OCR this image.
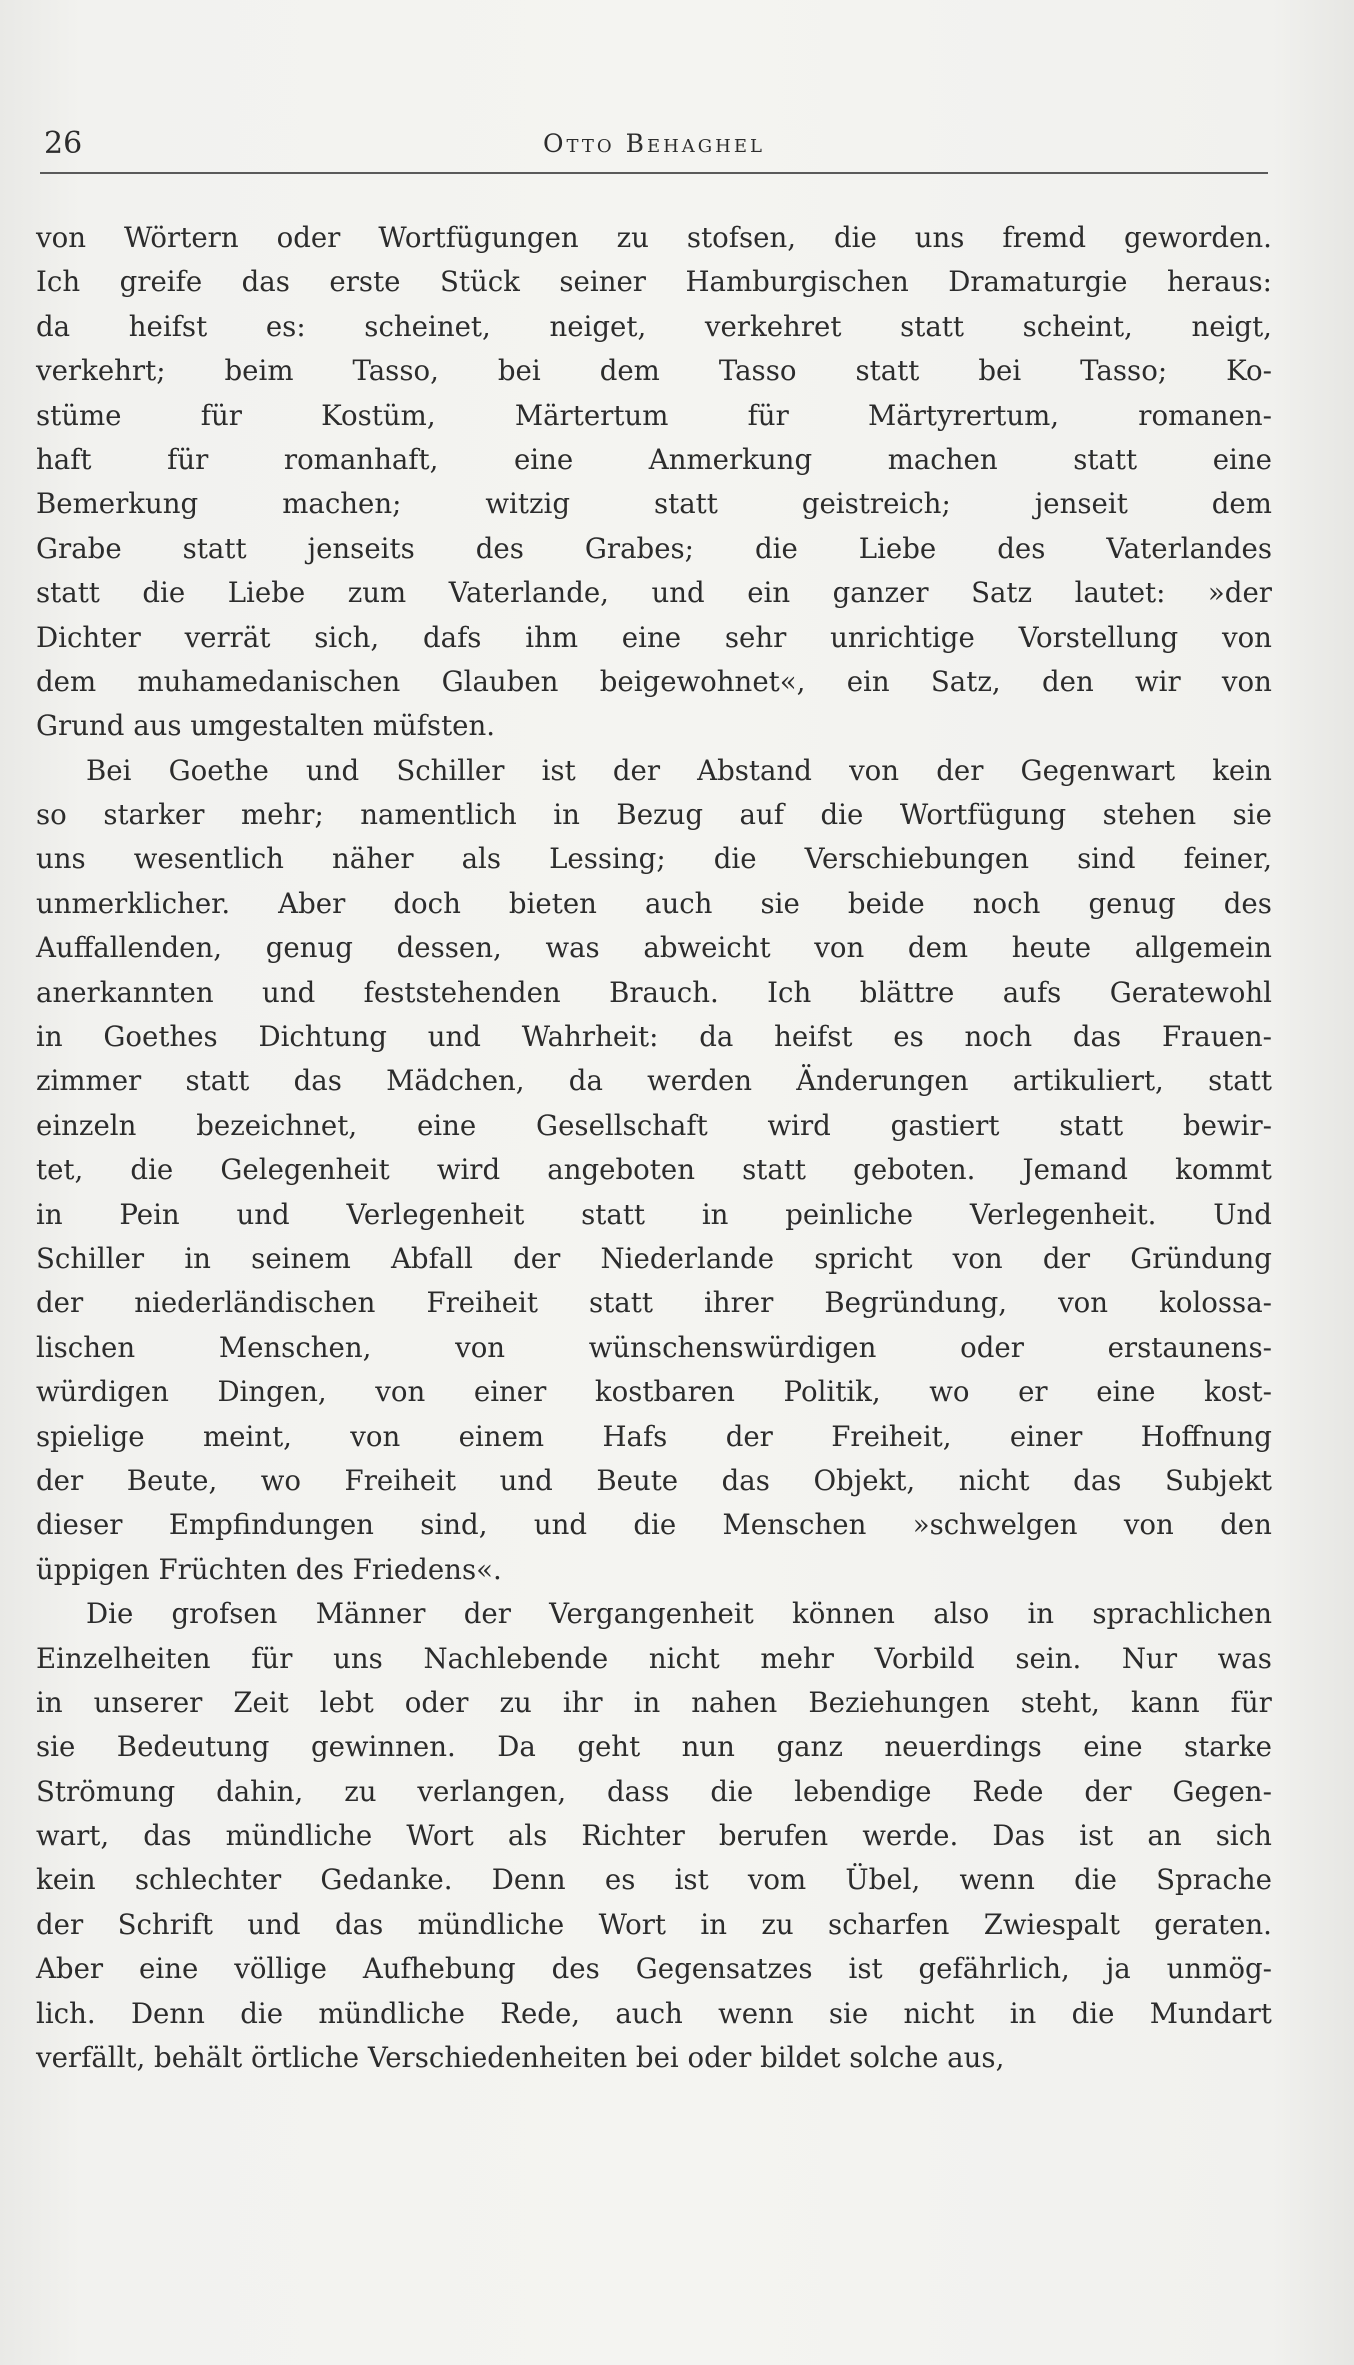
26	Otto Behaghel
von Wörtern oder Wortfügungen zu stofsen, die uns fremd geworden.
Ich greife das erste Stück seiner Hamburgischen Dramaturgie heraus:
da heifst es: scheinet, neiget, verkehret statt scheint, neigt,
verkehrt; beim Tasso, bei dem Tasso statt bei Tasso; Ko-
stüme	für	Kostüm,	Märtertum	für	Märtyrertum,	romanen-
haft	für	romanhaft,	eine	Anmerkung	machen	statt	eine
Bemerkung	machen;	witzig	statt	geistreich;	jenseit	dem
Grabe statt jenseits des Grabes; die Liebe des Vaterlandes
statt die Liebe zum Vaterlande, und ein ganzer Satz lautet: »der
Dichter verrät sich, dafs ihm eine sehr unrichtige Vorstellung von
dem muhamedanischen Glauben beigewohnet«, ein Satz, den wir von
Grund aus umgestalten müfsten.
Bei Goethe und Schiller ist der Abstand von der Gegenwart kein
so starker mehr; namentlich in Bezug auf die Wortfügung stehen sie
uns wesentlich näher als Lessing; die Verschiebungen sind feiner,
unmerklicher. Aber doch bieten auch sie beide noch genug des
Auffallenden, genug dessen, was abweicht von dem heute allgemein
anerkannten und feststehenden Brauch. Ich blättre aufs Geratewohl
in Goethes Dichtung und Wahrheit: da heifst es noch das Frauen-
zimmer statt das Mädchen, da werden Änderungen artikuliert, statt
einzeln bezeichnet, eine Gesellschaft wird gastiert statt bewir-
tet, die Gelegenheit wird angeboten statt geboten. Jemand kommt
in Pein und Verlegenheit statt in peinliche Verlegenheit. Und
Schiller in seinem Abfall der Niederlande spricht von der Gründung
der niederländischen Freiheit statt ihrer Begründung, von kolossa-
lischen	Menschen,	von	wünschenswürdigen	oder	erstaunens-
würdigen Dingen, von einer kostbaren Politik, wo er eine kost-
spielige meint, von einem Hafs der Freiheit, einer Hoffnung
der Beute, wo Freiheit und Beute das Objekt, nicht das Subjekt
dieser Empfindungen sind, und die Menschen »schwelgen von den
üppigen Früchten des Friedens«.
Die grofsen Männer der Vergangenheit können also in sprachlichen
Einzelheiten für uns Nachlebende nicht mehr Vorbild sein. Nur was
in unserer Zeit lebt oder zu ihr in nahen Beziehungen steht, kann für
sie Bedeutung gewinnen. Da geht nun ganz neuerdings eine starke
Strömung dahin, zu verlangen, dass die lebendige Rede der Gegen-
wart, das mündliche Wort als Richter berufen werde. Das ist an sich
kein schlechter Gedanke. Denn es ist vom Übel, wenn die Sprache
der Schrift und das mündliche Wort in zu scharfen Zwiespalt geraten.
Aber eine völlige Aufhebung des Gegensatzes ist gefährlich, ja unmög-
lich. Denn die mündliche Rede, auch wenn sie nicht in die Mundart
verfällt, behält örtliche Verschiedenheiten bei oder bildet solche aus,
